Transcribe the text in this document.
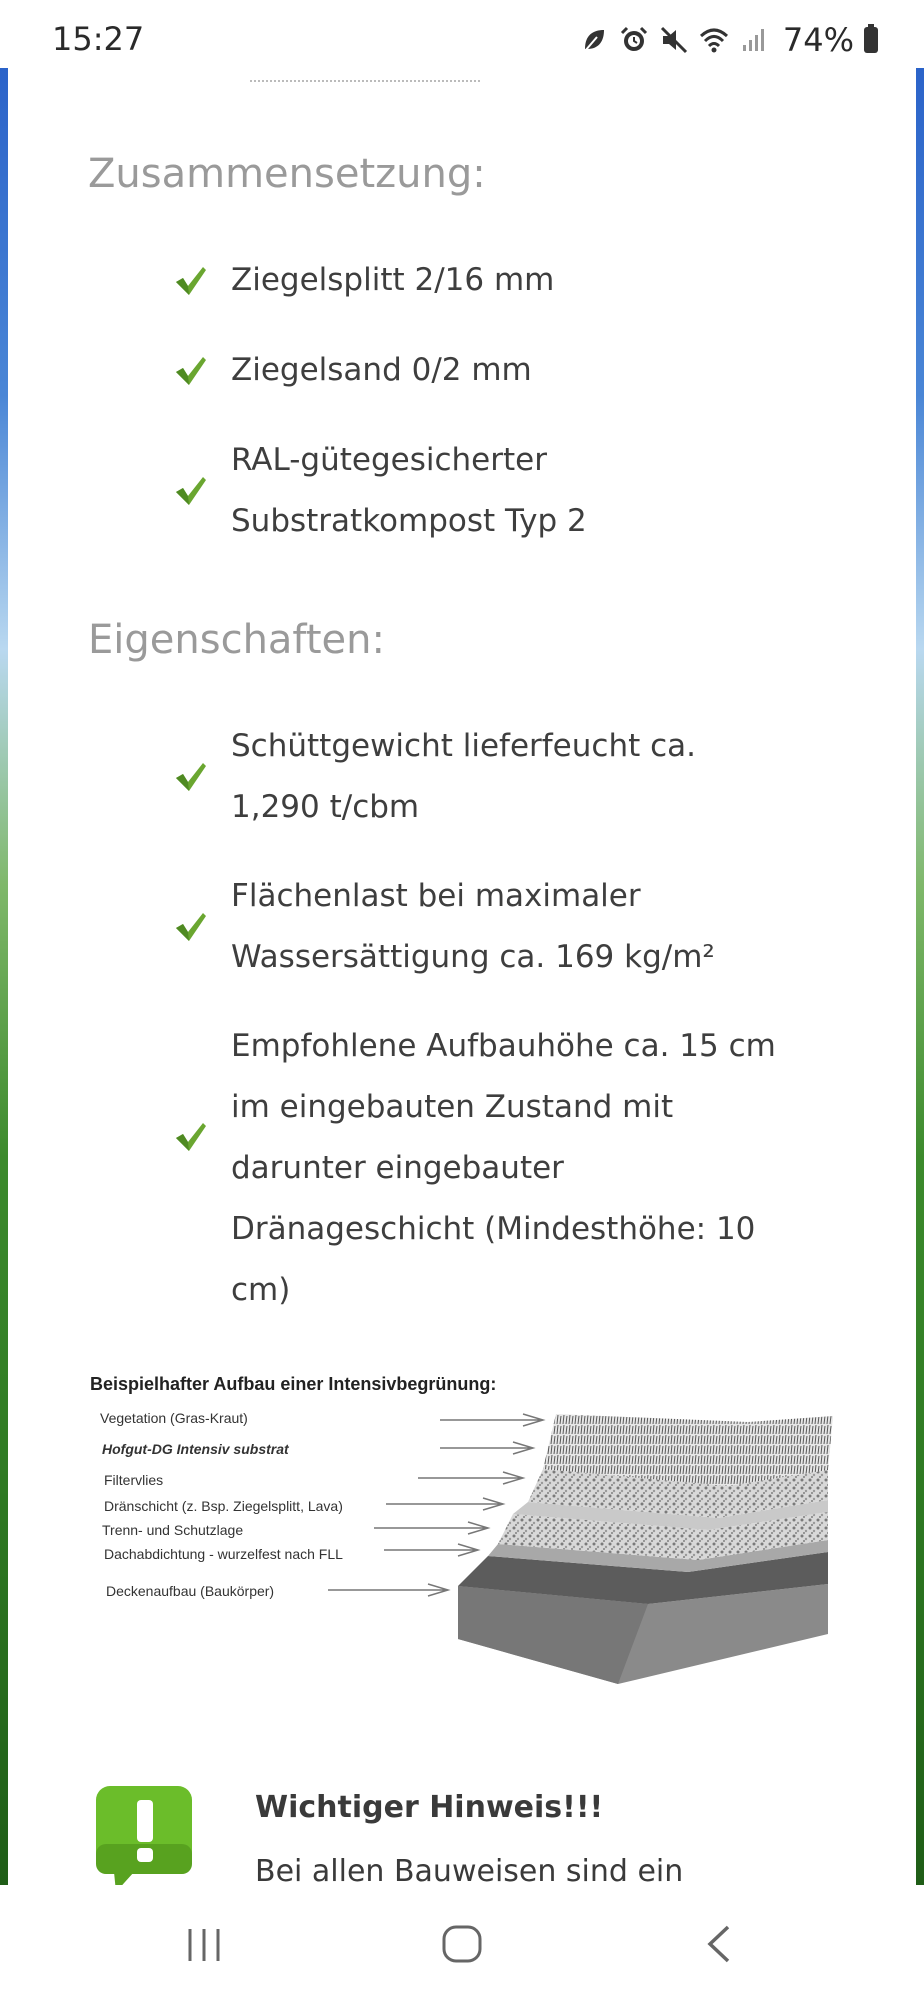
15:27	74%
Zusammensetzung:
Ziegelsplitt 2/16 mm
Ziegelsand 0/2 mm
RAL-gütegesicherter Substratkompost Typ 2
Eigenschaften:
Schüttgewicht lieferfeucht ca. 1,290 t/cbm
Flächenlast bei maximaler Wassersättigung ca. 169 kg/m²
Empfohlene Aufbauhöhe ca. 15 cm im eingebauten Zustand mit darunter eingebauter Dränageschicht (Mindesthöhe: 10 cm)
Beispielhafter Aufbau einer Intensivbegrünung:
Vegetation (Gras-Kraut)
Hofgut-DG Intensiv substrat
Filtervlies
Dränschicht (z. Bsp. Ziegelsplitt, Lava)
Trenn- und Schutzlage
Dachabdichtung - wurzelfest nach FLL
Deckenaufbau (Baukörper)
Wichtiger Hinweis!!!
Bei allen Bauweisen sind ein
